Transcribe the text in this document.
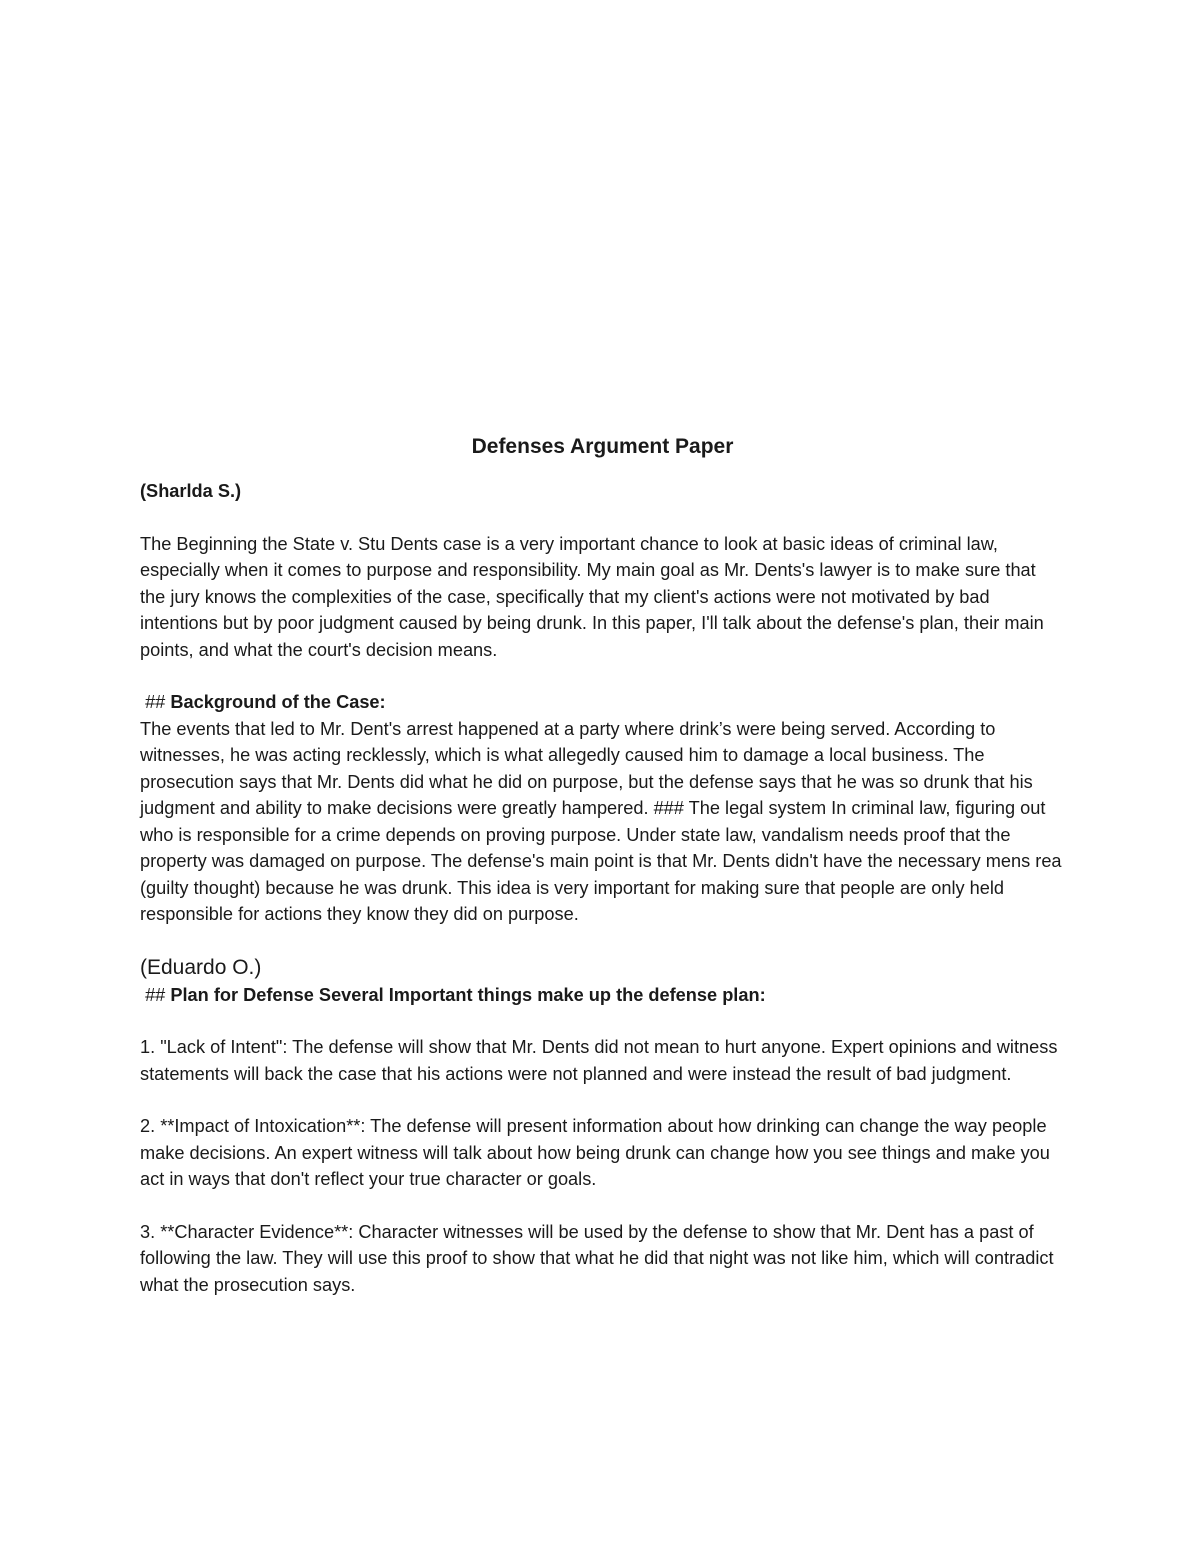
Defenses Argument Paper

(Sharlda S.)

The Beginning the State v. Stu Dents case is a very important chance to look at basic ideas of criminal law, especially when it comes to purpose and responsibility. My main goal as Mr. Dents's lawyer is to make sure that the jury knows the complexities of the case, specifically that my client's actions were not motivated by bad intentions but by poor judgment caused by being drunk. In this paper, I'll talk about the defense's plan, their main points, and what the court's decision means.

## Background of the Case:

The events that led to Mr. Dent's arrest happened at a party where drink’s were being served. According to witnesses, he was acting recklessly, which is what allegedly caused him to damage a local business. The prosecution says that Mr. Dents did what he did on purpose, but the defense says that he was so drunk that his judgment and ability to make decisions were greatly hampered. ### The legal system In criminal law, figuring out who is responsible for a crime depends on proving purpose. Under state law, vandalism needs proof that the property was damaged on purpose. The defense's main point is that Mr. Dents didn't have the necessary mens rea (guilty thought) because he was drunk. This idea is very important for making sure that people are only held responsible for actions they know they did on purpose.

(Eduardo O.)

## Plan for Defense Several Important things make up the defense plan:

1. "Lack of Intent": The defense will show that Mr. Dents did not mean to hurt anyone. Expert opinions and witness statements will back the case that his actions were not planned and were instead the result of bad judgment.

2. **Impact of Intoxication**: The defense will present information about how drinking can change the way people make decisions. An expert witness will talk about how being drunk can change how you see things and make you act in ways that don't reflect your true character or goals.

3. **Character Evidence**: Character witnesses will be used by the defense to show that Mr. Dent has a past of following the law. They will use this proof to show that what he did that night was not like him, which will contradict what the prosecution says.
